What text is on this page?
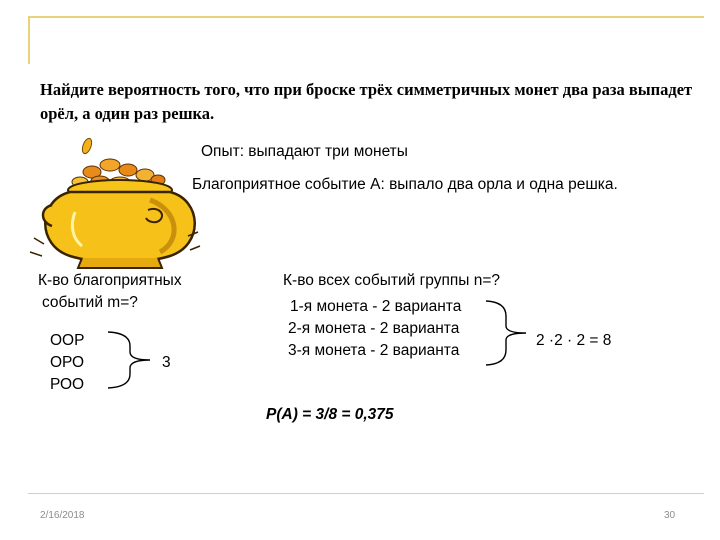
Найдите вероятность того, что при броске трёх симметричных монет два раза выпадет орёл, а один раз решка.
Опыт: выпадают три монеты
Благоприятное событие А: выпало два орла и одна решка.
К-во благоприятных
событий m=?
ООР
ОРО
РОО
3
К-во всех событий группы n=?
1-я монета - 2 варианта
2-я монета - 2 варианта
3-я монета - 2 варианта
2 ·2 · 2 = 8
P(A) = 3/8 = 0,375
2/16/2018	30
